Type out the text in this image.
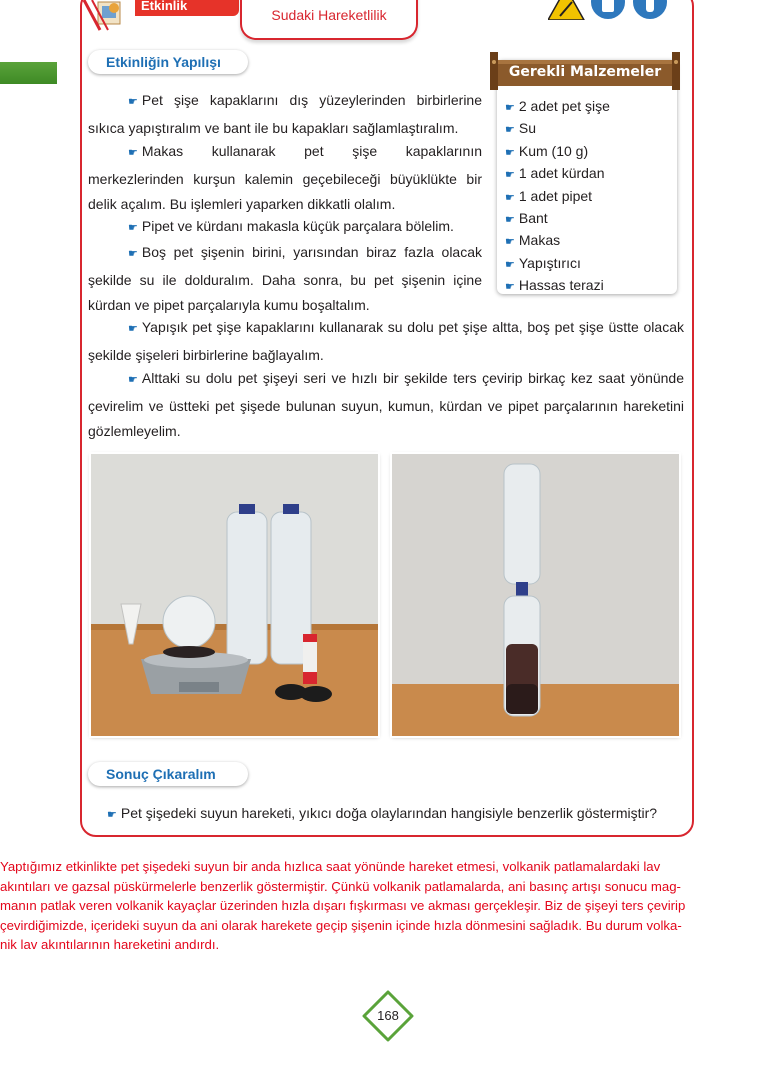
Etkinlik
Sudaki Hareketlilik
Etkinliğin Yapılışı

☛ Pet şişe kapaklarını dış yüzeylerinden birbirlerine sıkıca yapıştıralım ve bant ile bu kapakları sağlamlaştıralım.

☛ Makas kullanarak pet şişe kapaklarının merkezlerinden kurşun kalemin geçebileceği büyüklükte bir delik açalım. Bu işlemleri yaparken dikkatli olalım.

☛ Pipet ve kürdanı makasla küçük parçalara bölelim.

☛ Boş pet şişenin birini, yarısından biraz fazla olacak şekilde su ile dolduralım. Daha sonra, bu pet şişenin içine kürdan ve pipet parçalarıyla kumu boşaltalım.

☛ Yapışık pet şişe kapaklarını kullanarak su dolu pet şişe altta, boş pet şişe üstte olacak şekilde şişeleri birbirlerine bağlayalım.

☛ Alttaki su dolu pet şişeyi seri ve hızlı bir şekilde ters çevirip birkaç kez saat yönünde çevirelim ve üstteki pet şişede bulunan suyun, kumun, kürdan ve pipet parçalarının hareketini gözlemleyelim.

Gerekli Malzemeler
☛ 2 adet pet şişe
☛ Su
☛ Kum (10 g)
☛ 1 adet kürdan
☛ 1 adet pipet
☛ Bant
☛ Makas
☛ Yapıştırıcı
☛ Hassas terazi
Sonuç Çıkaralım
☛ Pet şişedeki suyun hareketi, yıkıcı doğa olaylarından hangisiyle benzerlik göstermiştir?
Yaptığımız etkinlikte pet şişedeki suyun bir anda hızlıca saat yönünde hareket etmesi, volkanik patlamalardaki lav
akıntıları ve gazsal püskürmelerle benzerlik göstermiştir. Çünkü volkanik patlamalarda, ani basınç artışı sonucu mag-
manın patlak veren volkanik kayaçlar üzerinden hızla dışarı fışkırması ve akması gerçekleşir. Biz de şişeyi ters çevirip
çevirdiğimizde, içerideki suyun da ani olarak harekete geçip şişenin içinde hızla dönmesini sağladık. Bu durum volka-
nik lav akıntılarının hareketini andırdı.
168
